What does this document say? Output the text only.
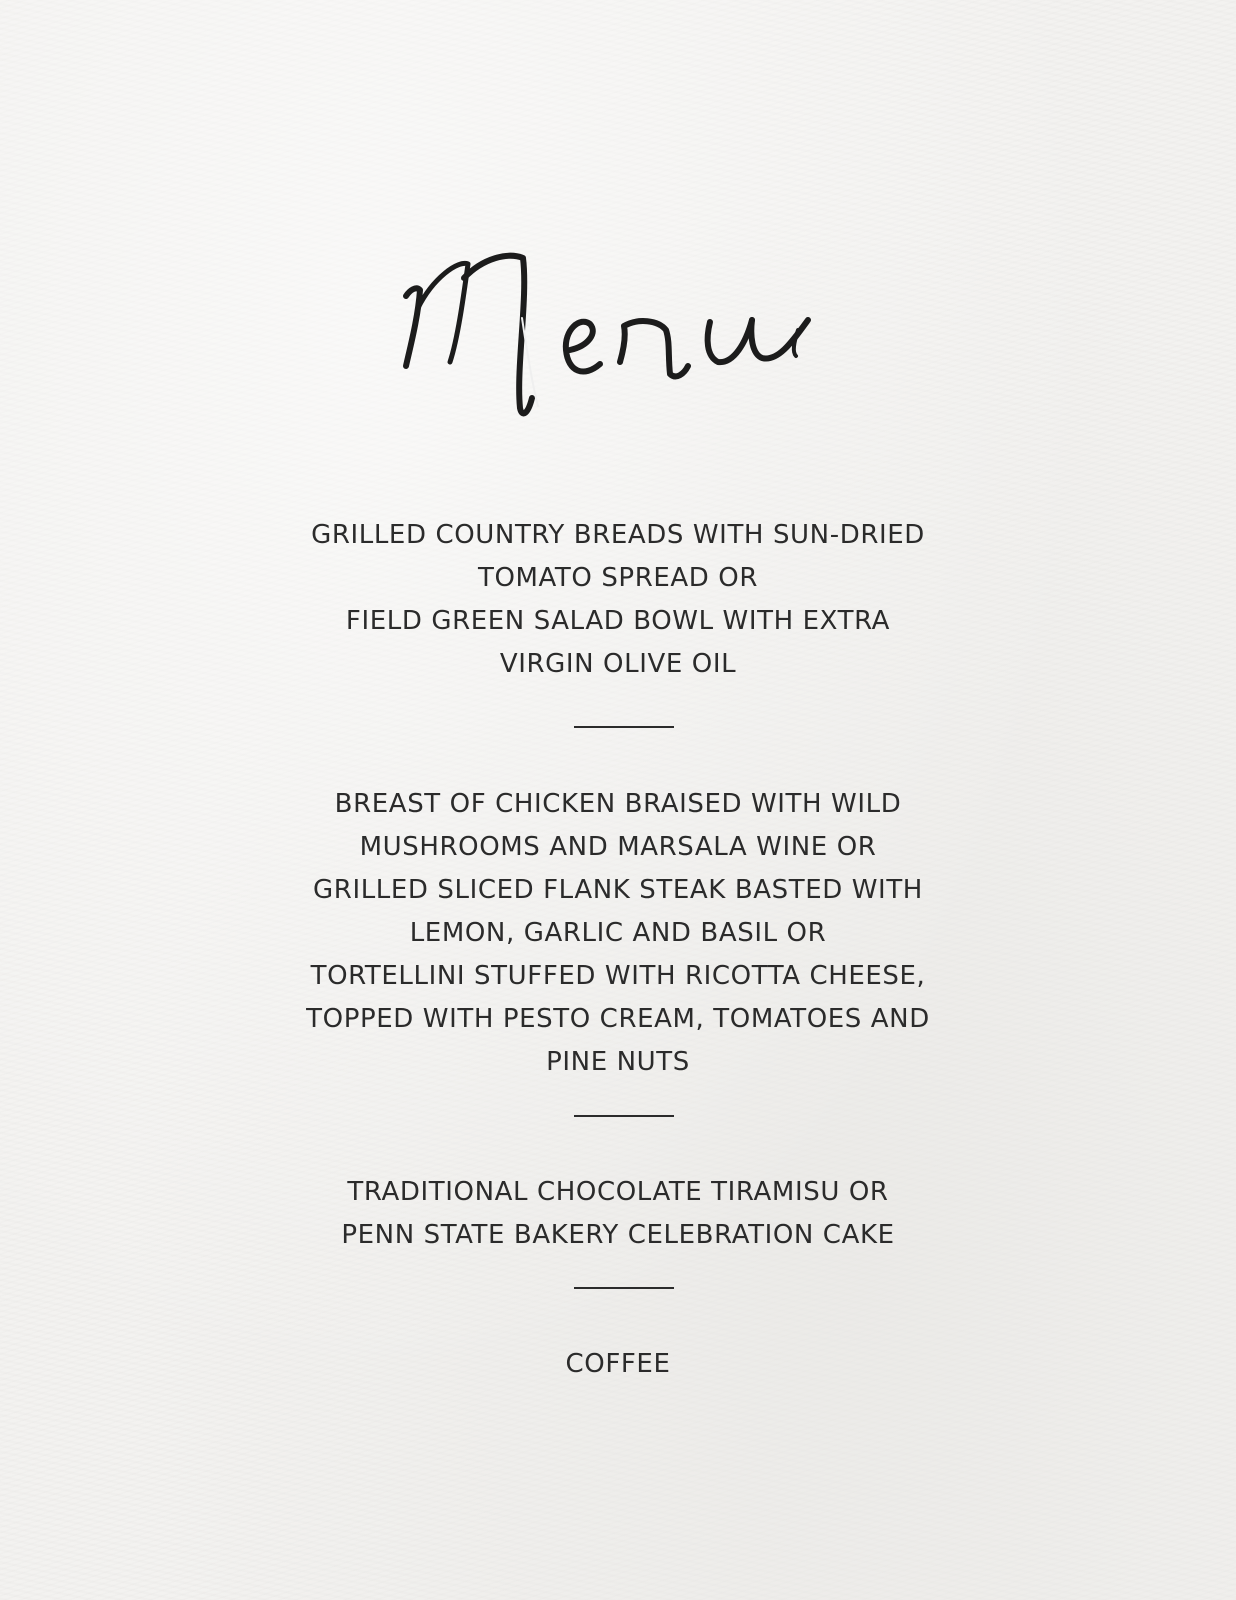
GRILLED COUNTRY BREADS WITH SUN-DRIED
TOMATO SPREAD OR
FIELD GREEN SALAD BOWL WITH EXTRA
VIRGIN OLIVE OIL
BREAST OF CHICKEN BRAISED WITH WILD
MUSHROOMS AND MARSALA WINE OR
GRILLED SLICED FLANK STEAK BASTED WITH
LEMON, GARLIC AND BASIL OR
TORTELLINI STUFFED WITH RICOTTA CHEESE,
TOPPED WITH PESTO CREAM, TOMATOES AND
PINE NUTS
TRADITIONAL CHOCOLATE TIRAMISU OR
PENN STATE BAKERY CELEBRATION CAKE
COFFEE
